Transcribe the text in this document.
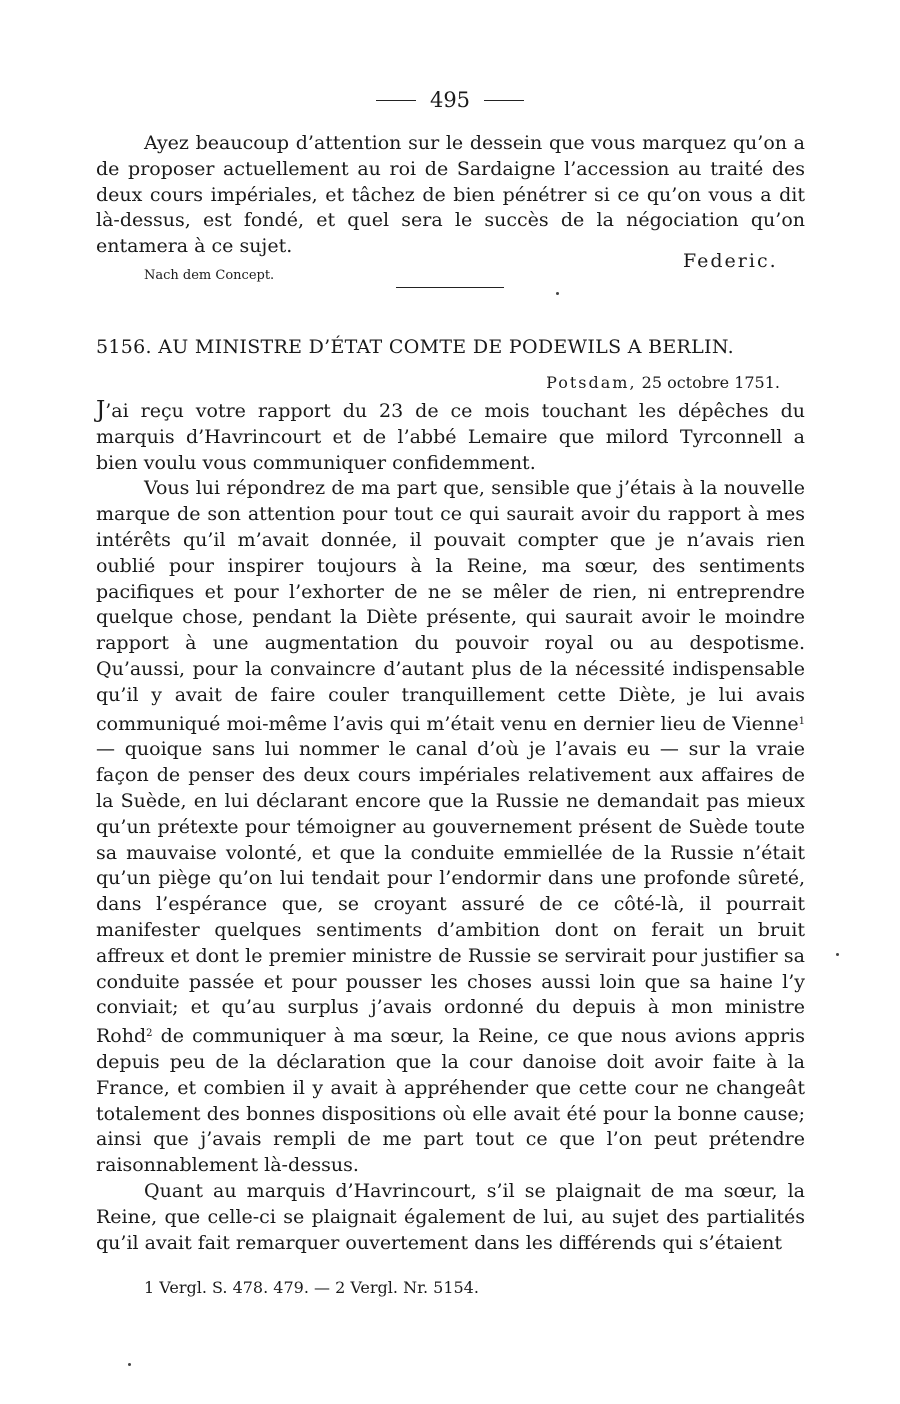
495

Ayez beaucoup d’attention sur le dessein que vous marquez qu’on a de proposer actuellement au roi de Sardaigne l’accession au traité des deux cours impériales, et tâchez de bien pénétrer si ce qu’on vous a dit là-dessus, est fondé, et quel sera le succès de la négociation qu’on entamera à ce sujet.

Federic.
Nach dem Concept.
5156. AU MINISTRE D’ÉTAT COMTE DE PODEWILS A BERLIN.
Potsdam, 25 octobre 1751.

J’ai reçu votre rapport du 23 de ce mois touchant les dépêches du marquis d’Havrincourt et de l’abbé Lemaire que milord Tyrconnell a bien voulu vous communiquer confidemment.

Vous lui répondrez de ma part que, sensible que j’étais à la nouvelle marque de son attention pour tout ce qui saurait avoir du rapport à mes intérêts qu’il m’avait donnée, il pouvait compter que je n’avais rien oublié pour inspirer toujours à la Reine, ma sœur, des sentiments pacifiques et pour l’exhorter de ne se mêler de rien, ni entreprendre quelque chose, pendant la Diète présente, qui saurait avoir le moindre rapport à une augmentation du pouvoir royal ou au despotisme. Qu’aussi, pour la convaincre d’autant plus de la nécessité indispensable qu’il y avait de faire couler tranquillement cette Diète, je lui avais communiqué moi-même l’avis qui m’était venu en dernier lieu de Vienne$^1$ — quoique sans lui nommer le canal d’où je l’avais eu — sur la vraie façon de penser des deux cours impériales relativement aux affaires de la Suède, en lui déclarant encore que la Russie ne demandait pas mieux qu’un prétexte pour témoigner au gouvernement présent de Suède toute sa mauvaise volonté, et que la conduite emmiellée de la Russie n’était qu’un piège qu’on lui tendait pour l’endormir dans une profonde sûreté, dans l’espérance que, se croyant assuré de ce côté-là, il pourrait manifester quelques sentiments d’ambition dont on ferait un bruit affreux et dont le premier ministre de Russie se servirait pour justifier sa conduite passée et pour pousser les choses aussi loin que sa haine l’y conviait; et qu’au surplus j’avais ordonné du depuis à mon ministre Rohd$^2$ de communiquer à ma sœur, la Reine, ce que nous avions appris depuis peu de la déclaration que la cour danoise doit avoir faite à la France, et combien il y avait à appréhender que cette cour ne changeât totalement des bonnes dispositions où elle avait été pour la bonne cause; ainsi que j’avais rempli de me part tout ce que l’on peut prétendre raisonnablement là-dessus.

Quant au marquis d’Havrincourt, s’il se plaignait de ma sœur, la Reine, que celle-ci se plaignait également de lui, au sujet des partialités qu’il avait fait remarquer ouvertement dans les différends qui s’étaient

1 Vergl. S. 478. 479. — 2 Vergl. Nr. 5154.
